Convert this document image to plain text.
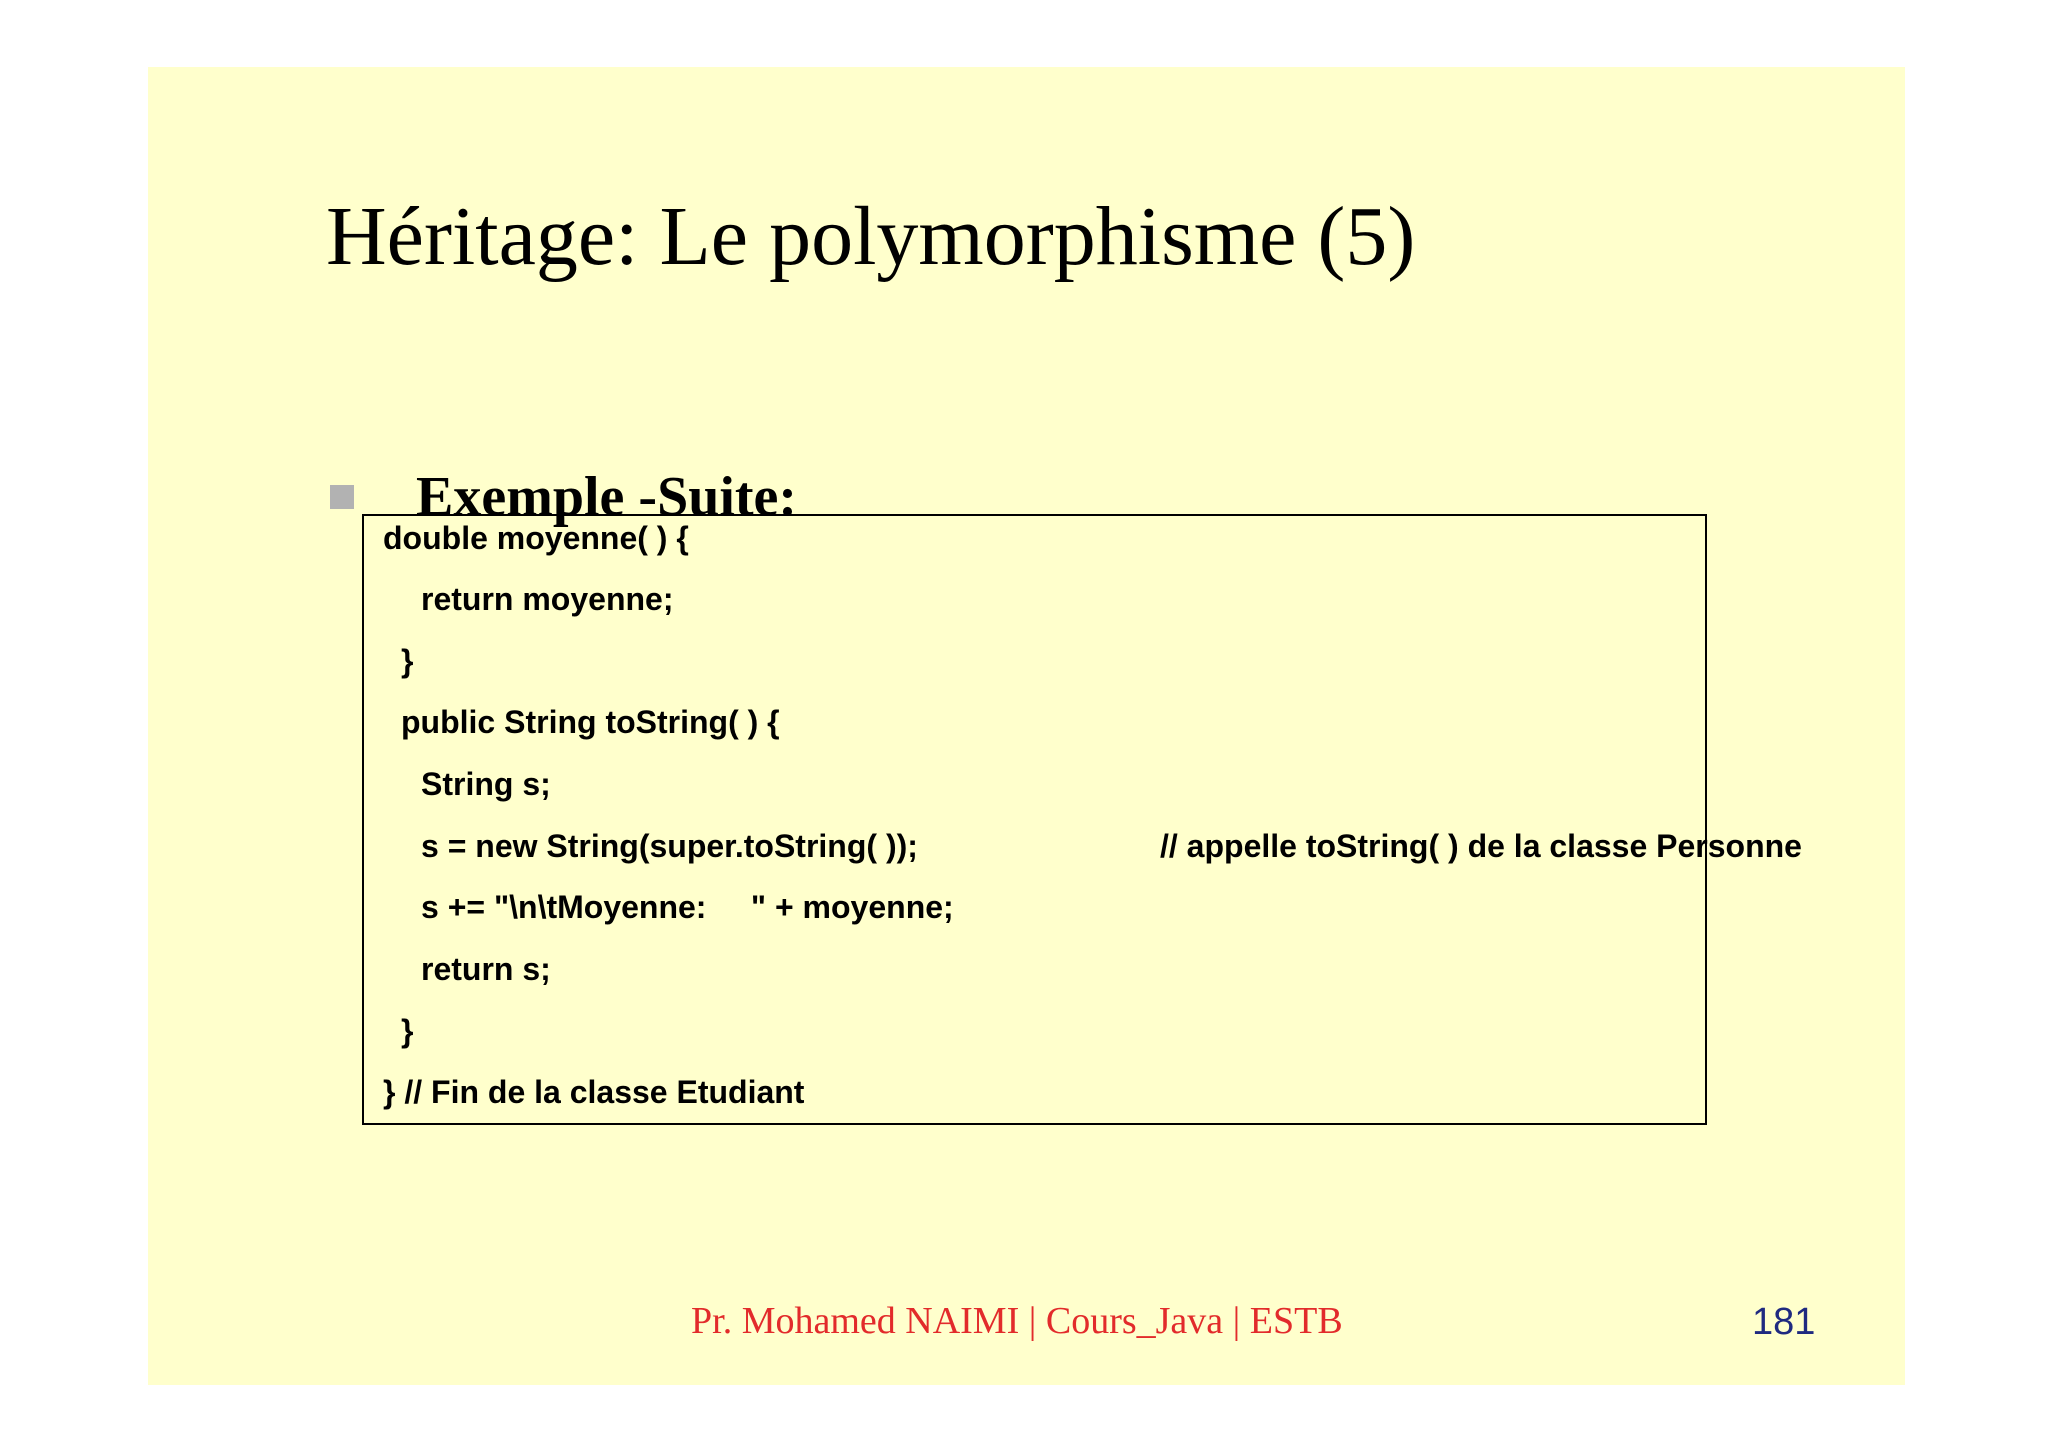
Héritage: Le polymorphisme (5)
Exemple -Suite:
double moyenne( ) {
return moyenne;
}
public String toString( ) {
String s;
s = new String(super.toString( ));	// appelle toString( ) de la classe Personne
s += "\n\tMoyenne:     " + moyenne;
return s;
}
} // Fin de la classe Etudiant
Pr. Mohamed NAIMI | Cours_Java | ESTB	181
